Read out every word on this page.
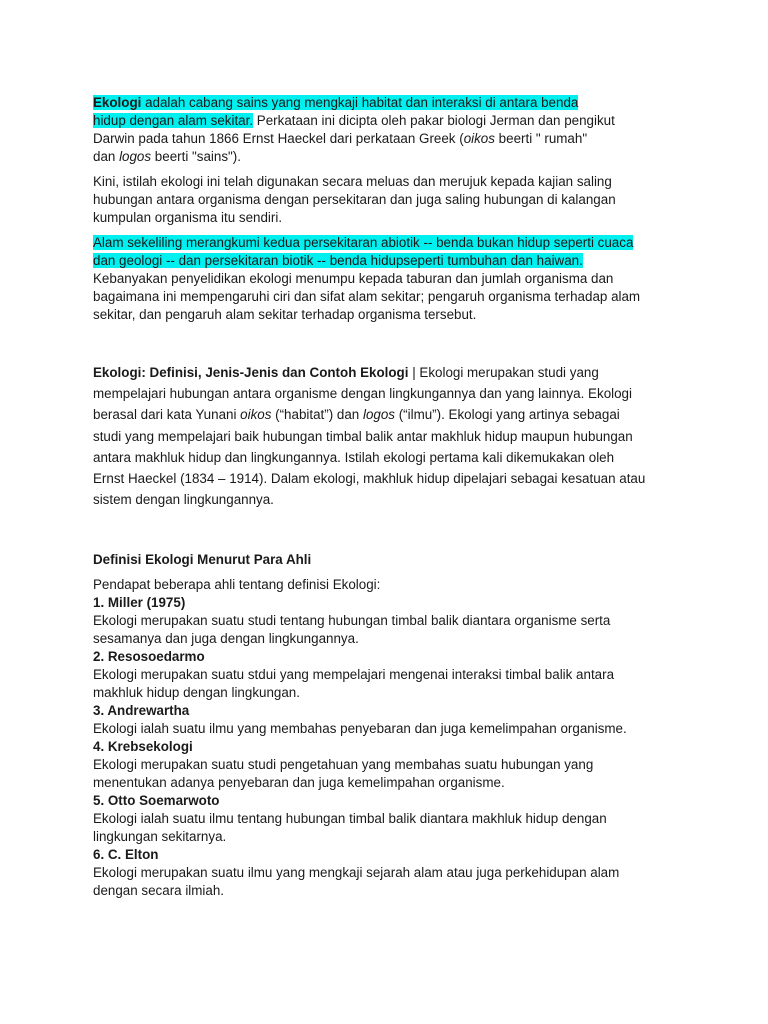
Ekologi adalah cabang sains yang mengkaji habitat dan interaksi di antara benda
hidup dengan alam sekitar. Perkataan ini dicipta oleh pakar biologi Jerman dan pengikut
Darwin pada tahun 1866 Ernst Haeckel dari perkataan Greek (oikos beerti " rumah"
dan logos beerti "sains").
Kini, istilah ekologi ini telah digunakan secara meluas dan merujuk kepada kajian saling
hubungan antara organisma dengan persekitaran dan juga saling hubungan di kalangan
kumpulan organisma itu sendiri.
Alam sekeliling merangkumi kedua persekitaran abiotik -- benda bukan hidup seperti cuaca
dan geologi -- dan persekitaran biotik -- benda hidupseperti tumbuhan dan haiwan.
Kebanyakan penyelidikan ekologi menumpu kepada taburan dan jumlah organisma dan
bagaimana ini mempengaruhi ciri dan sifat alam sekitar; pengaruh organisma terhadap alam
sekitar, dan pengaruh alam sekitar terhadap organisma tersebut.
Ekologi: Definisi, Jenis-Jenis dan Contoh Ekologi | Ekologi merupakan studi yang
mempelajari hubungan antara organisme dengan lingkungannya dan yang lainnya. Ekologi
berasal dari kata Yunani oikos (“habitat”) dan logos (“ilmu”). Ekologi yang artinya sebagai
studi yang mempelajari baik hubungan timbal balik antar makhluk hidup maupun hubungan
antara makhluk hidup dan lingkungannya. Istilah ekologi pertama kali dikemukakan oleh
Ernst Haeckel (1834 – 1914). Dalam ekologi, makhluk hidup dipelajari sebagai kesatuan atau
sistem dengan lingkungannya.
Definisi Ekologi Menurut Para Ahli
Pendapat beberapa ahli tentang definisi Ekologi:
1. Miller (1975)
Ekologi merupakan suatu studi tentang hubungan timbal balik diantara organisme serta
sesamanya dan juga dengan lingkungannya.
2. Resosoedarmo
Ekologi merupakan suatu stdui yang mempelajari mengenai interaksi timbal balik antara
makhluk hidup dengan lingkungan.
3. Andrewartha
Ekologi ialah suatu ilmu yang membahas penyebaran dan juga kemelimpahan organisme.
4. Krebsekologi
Ekologi merupakan suatu studi pengetahuan yang membahas suatu hubungan yang
menentukan adanya penyebaran dan juga kemelimpahan organisme.
5. Otto Soemarwoto
Ekologi ialah suatu ilmu tentang hubungan timbal balik diantara makhluk hidup dengan
lingkungan sekitarnya.
6. C. Elton
Ekologi merupakan suatu ilmu yang mengkaji sejarah alam atau juga perkehidupan alam
dengan secara ilmiah.
